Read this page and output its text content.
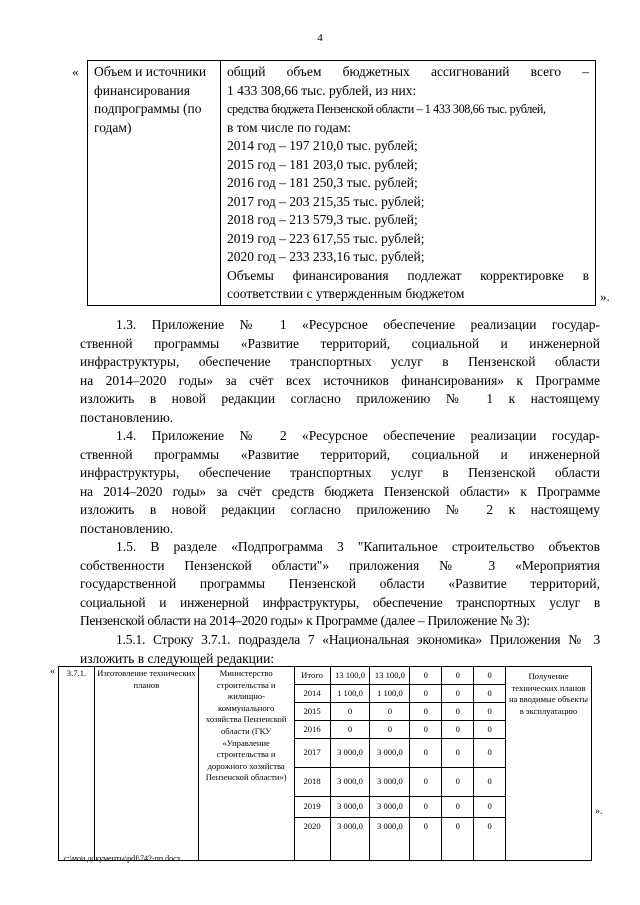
4
« Объем и источники финансирования подпрограммы (по годам)	
общий объем бюджетных ассигнований всего –
1 433 308,66 тыс. рублей, из них:
средства бюджета Пензенской области – 1 433 308,66 тыс. рублей,
в том числе по годам:
2014 год – 197 210,0 тыс. рублей;
2015 год – 181 203,0 тыс. рублей;
2016 год – 181 250,3 тыс. рублей;
2017 год – 203 215,35 тыс. рублей;
2018 год – 213 579,3 тыс. рублей;
2019 год – 223 617,55 тыс. рублей;
2020 год – 233 233,16 тыс. рублей;
Объемы финансирования подлежат корректировке в
соответствии с утвержденным бюджетом	».
1.3. Приложение № 1 «Ресурсное обеспечение реализации государ-
ственной программы «Развитие территорий, социальной и инженерной
инфраструктуры, обеспечение транспортных услуг в Пензенской области
на 2014–2020 годы» за счёт всех источников финансирования» к Программе
изложить в новой редакции согласно приложению № 1 к настоящему
постановлению.
1.4. Приложение № 2 «Ресурсное обеспечение реализации государ-
ственной программы «Развитие территорий, социальной и инженерной
инфраструктуры, обеспечение транспортных услуг в Пензенской области
на 2014–2020 годы» за счёт средств бюджета Пензенской области» к Программе
изложить в новой редакции согласно приложению № 2 к настоящему
постановлению.
1.5. В разделе «Подпрограмма 3 "Капитальное строительство объектов
собственности Пензенской области"» приложения № 3 «Мероприятия
государственной программы Пензенской области «Развитие территорий,
социальной и инженерной инфраструктуры, обеспечение транспортных услуг в
Пензенской области на 2014–2020 годы» к Программе (далее – Приложение № 3):
1.5.1. Строку 3.7.1. подраздела 7 «Национальная экономика» Приложения № 3
изложить в следующей редакции:
« 3.7.1.	Изготовление технических планов	Министерство строительства и жилищно-коммунального хозяйства Пензенской области (ГКУ «Управление строительства и дорожного хозяйства Пензенской области»)	Итого	13 100,0	13 100,0	0	0	0	Получение технических планов на вводимые объекты в эксплуатацию
			2014	1 100,0	1 100,0	0	0	0	
			2015	0	0	0	0	0	
			2016	0	0	0	0	0	
			2017	3 000,0	3 000,0	0	0	0	
			2018	3 000,0	3 000,0	0	0	0	
			2019	3 000,0	3 000,0	0	0	0	
			2020	3 000,0	3 000,0	0	0	0	
».
c:\мои документы\pdf\742-пп.docx
